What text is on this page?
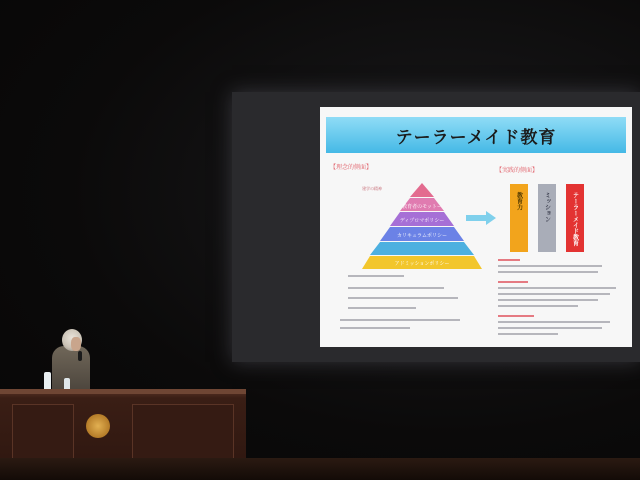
テーラーメイド教育
【理念的側面】	【実践的側面】
教育者のモットー
ディプロマポリシー
カリキュラムポリシー
アドミッションポリシー
建学の精神
教育力	ミッション	テーラーメイド教育
